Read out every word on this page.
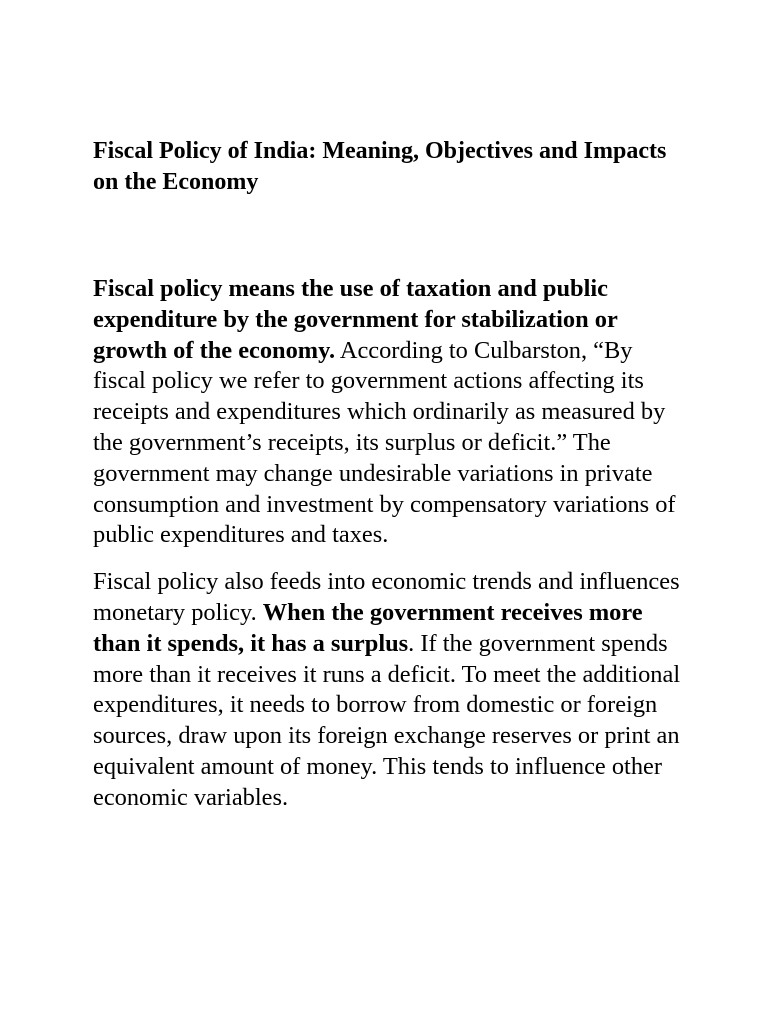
Fiscal Policy of India: Meaning, Objectives and Impacts on the Economy

Fiscal policy means the use of taxation and public expenditure by the government for stabilization or growth of the economy. According to Culbarston, “By fiscal policy we refer to government actions affecting its receipts and expenditures which ordinarily as measured by the government’s receipts, its surplus or deficit.” The government may change undesirable variations in private consumption and investment by compensatory variations of public expenditures and taxes.

Fiscal policy also feeds into economic trends and influences monetary policy. When the government receives more than it spends, it has a surplus. If the government spends more than it receives it runs a deficit. To meet the additional expenditures, it needs to borrow from domestic or foreign sources, draw upon its foreign exchange reserves or print an equivalent amount of money. This tends to influence other economic variables.
